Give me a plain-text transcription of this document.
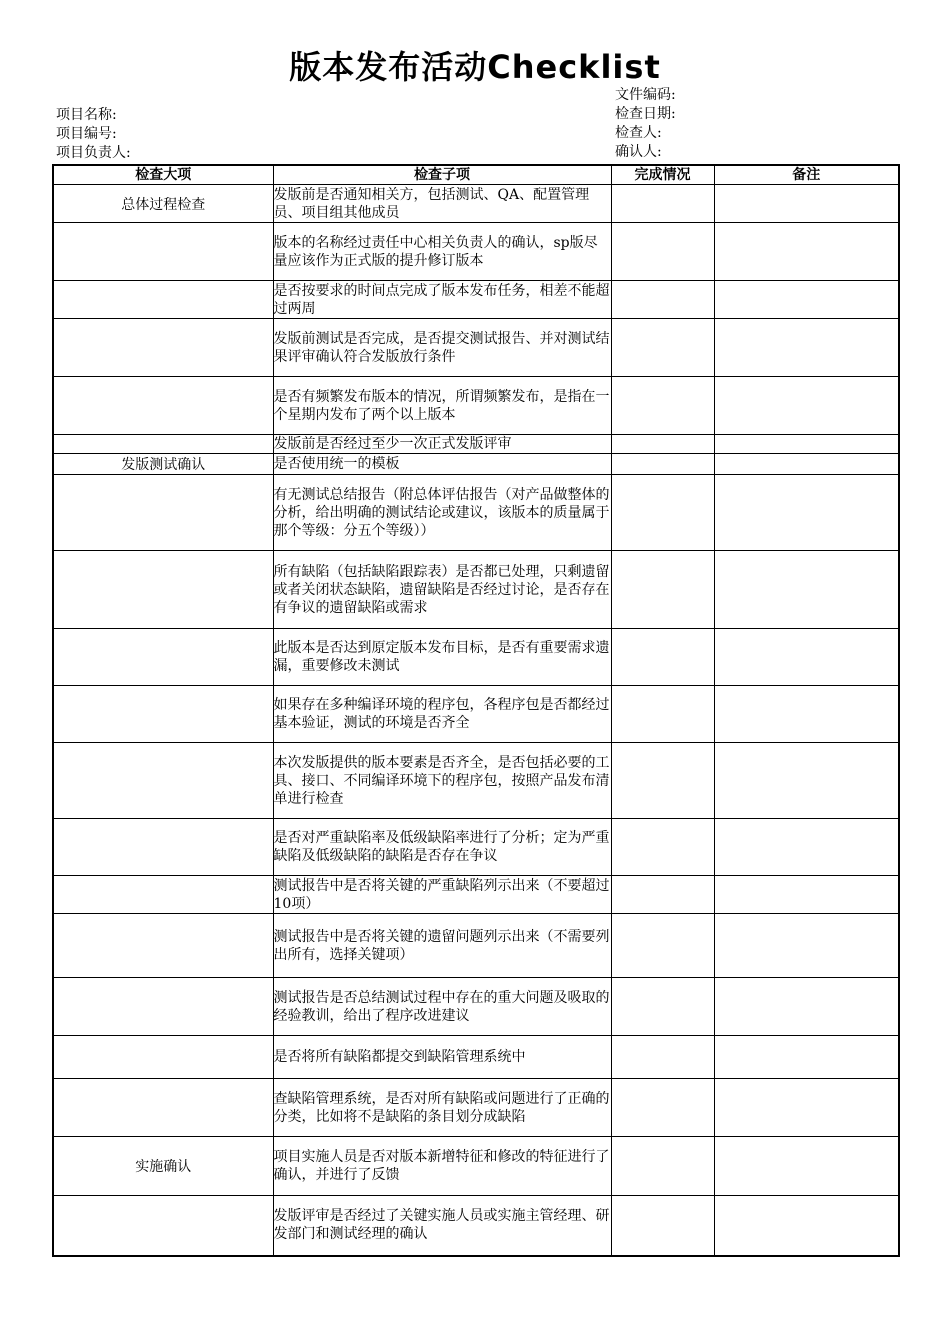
版本发布活动Checklist
项目名称:
项目编号:
项目负责人:
文件编码:
检查日期:
检查人:
确认人:
检查大项	检查子项	完成情况	备注
总体过程检查	发版前是否通知相关方，包括测试、QA、配置管理员、项目组其他成员		
	版本的名称经过责任中心相关负责人的确认，sp版尽量应该作为正式版的提升修订版本		
	是否按要求的时间点完成了版本发布任务，相差不能超过两周		
	发版前测试是否完成，是否提交测试报告、并对测试结果评审确认符合发版放行条件		
	是否有频繁发布版本的情况，所谓频繁发布，是指在一个星期内发布了两个以上版本		
	发版前是否经过至少一次正式发版评审		
发版测试确认	是否使用统一的模板		
	有无测试总结报告（附总体评估报告（对产品做整体的分析，给出明确的测试结论或建议，该版本的质量属于那个等级：分五个等级））		
	所有缺陷（包括缺陷跟踪表）是否都已处理，只剩遗留或者关闭状态缺陷，遗留缺陷是否经过讨论，是否存在有争议的遗留缺陷或需求		
	此版本是否达到原定版本发布目标，是否有重要需求遗漏，重要修改未测试		
	如果存在多种编译环境的程序包，各程序包是否都经过基本验证，测试的环境是否齐全		
	本次发版提供的版本要素是否齐全，是否包括必要的工具、接口、不同编译环境下的程序包，按照产品发布清单进行检查		
	是否对严重缺陷率及低级缺陷率进行了分析；定为严重缺陷及低级缺陷的缺陷是否存在争议		
	测试报告中是否将关键的严重缺陷列示出来（不要超过10项）		
	测试报告中是否将关键的遗留问题列示出来（不需要列出所有，选择关键项）		
	测试报告是否总结测试过程中存在的重大问题及吸取的经验教训，给出了程序改进建议		
	是否将所有缺陷都提交到缺陷管理系统中		
	查缺陷管理系统，是否对所有缺陷或问题进行了正确的分类，比如将不是缺陷的条目划分成缺陷		
实施确认	项目实施人员是否对版本新增特征和修改的特征进行了确认，并进行了反馈		
	发版评审是否经过了关键实施人员或实施主管经理、研发部门和测试经理的确认		
